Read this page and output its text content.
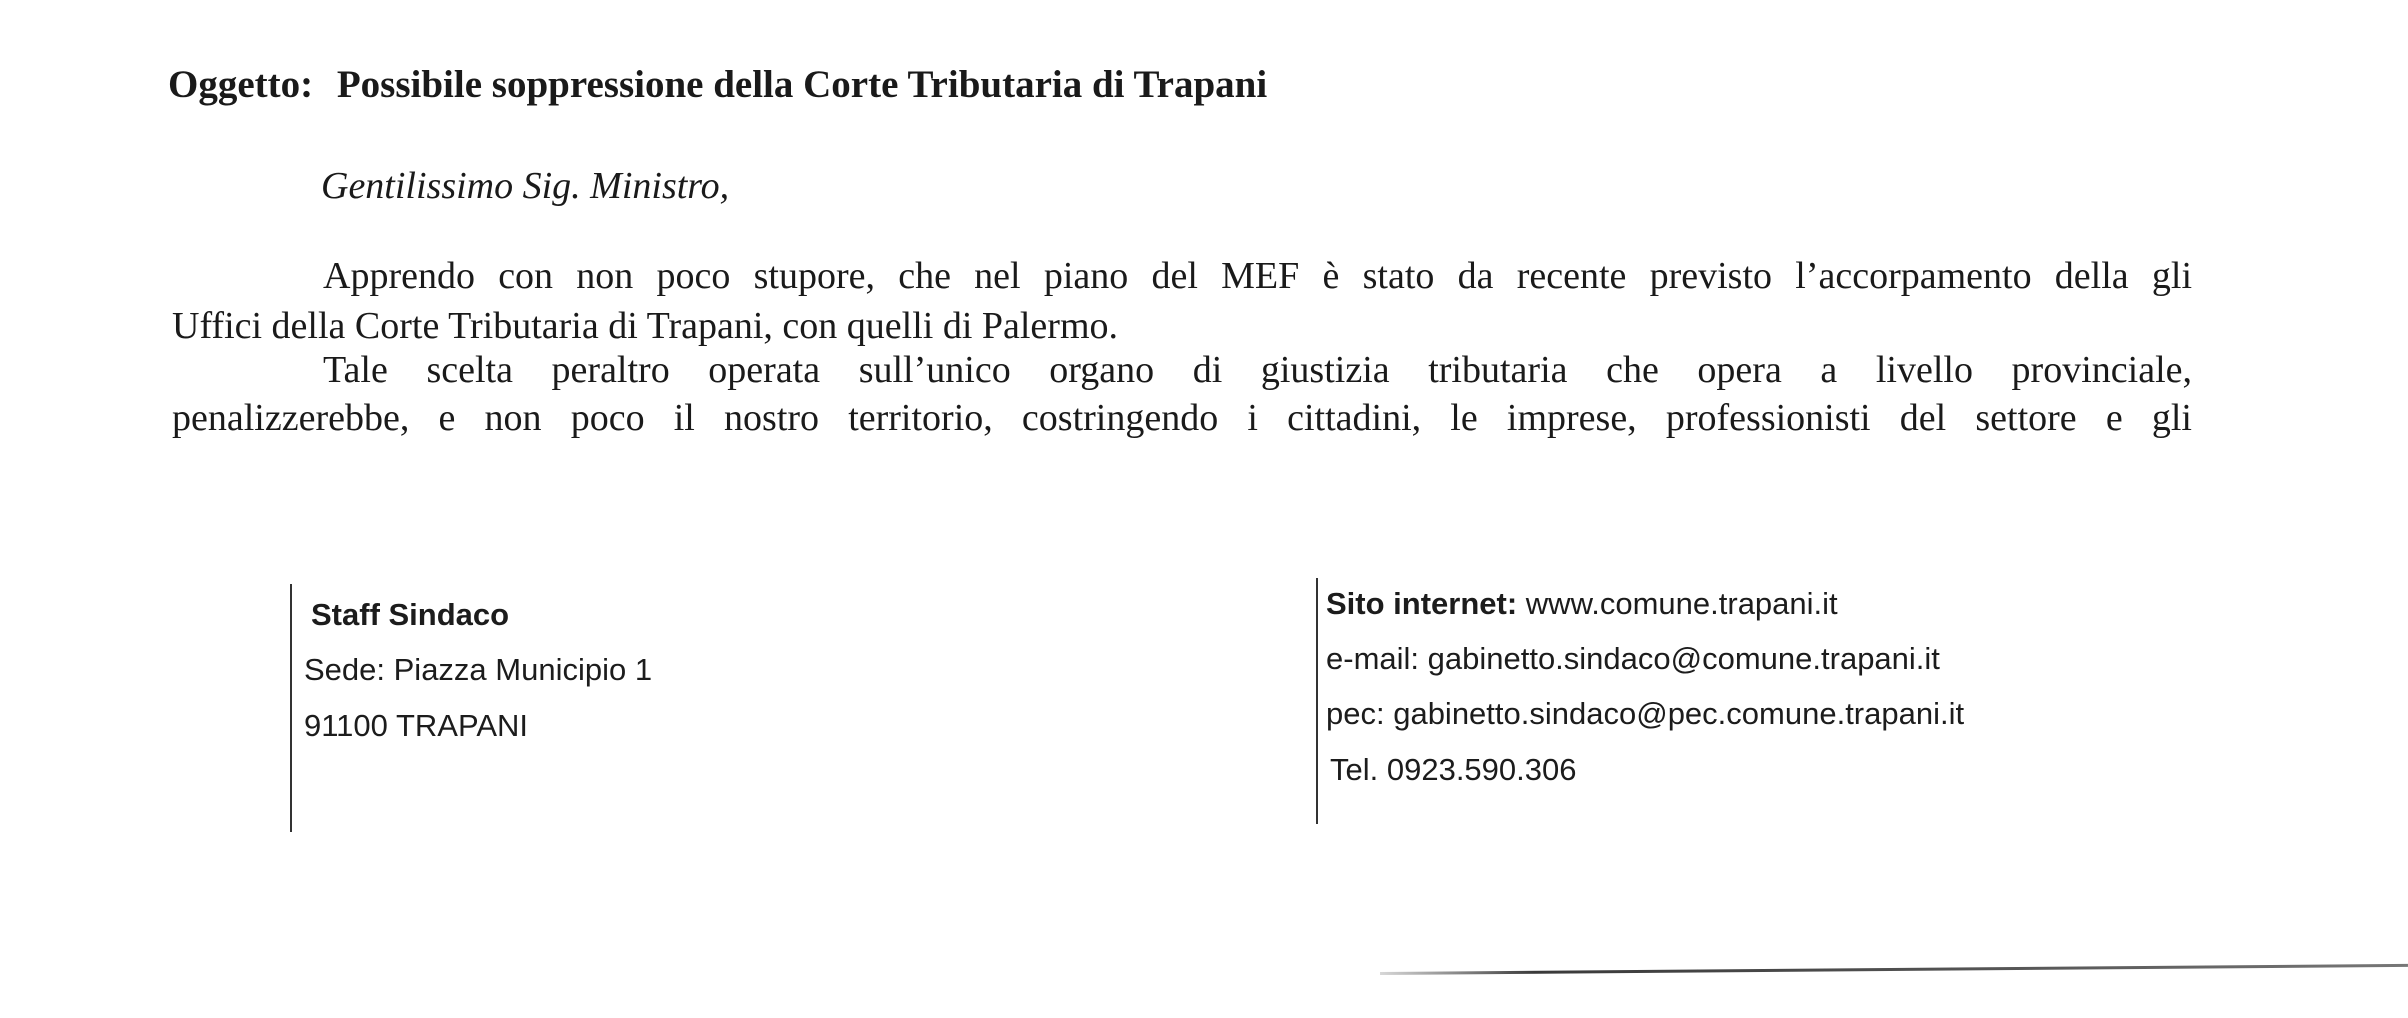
Oggetto: Possibile soppressione della Corte Tributaria di Trapani
Gentilissimo Sig. Ministro,
Apprendo con non poco stupore, che nel piano del MEF è stato da recente previsto l’accorpamento della gli
Uffici della Corte Tributaria di Trapani, con quelli di Palermo.
Tale scelta peraltro operata sull’unico organo di giustizia tributaria che opera a livello provinciale,
penalizzerebbe, e non poco il nostro territorio, costringendo i cittadini, le imprese, professionisti del settore e gli
Staff Sindaco
Sede: Piazza Municipio 1
91100 TRAPANI
Sito internet: www.comune.trapani.it
e-mail: gabinetto.sindaco@comune.trapani.it
pec: gabinetto.sindaco@pec.comune.trapani.it
Tel. 0923.590.306
